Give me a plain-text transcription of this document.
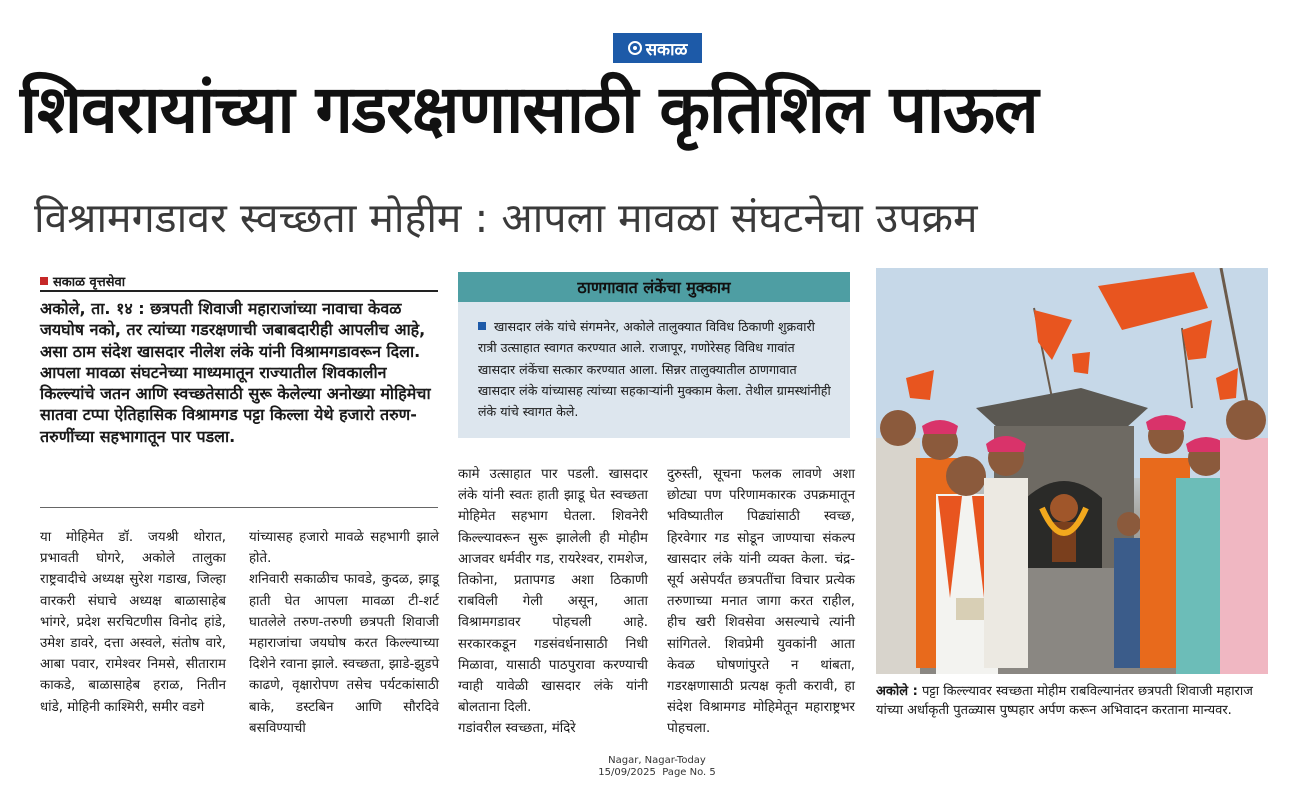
सकाळ
शिवरायांच्या गडरक्षणासाठी कृतिशिल पाऊल
विश्रामगडावर स्वच्छता मोहीम : आपला मावळा संघटनेचा उपक्रम
सकाळ वृत्तसेवा
अकोले, ता. १४ : छत्रपती शिवाजी महाराजांच्या नावाचा केवळ जयघोष नको, तर त्यांच्या गडरक्षणाची जबाबदारीही आपलीच आहे, असा ठाम संदेश खासदार नीलेश लंके यांनी विश्रामगडावरून दिला. आपला मावळा संघटनेच्या माध्यमातून राज्यातील शिवकालीन किल्ल्यांचे जतन आणि स्वच्छतेसाठी सुरू केलेल्या अनोख्या मोहिमेचा सातवा टप्पा ऐतिहासिक विश्रामगड पट्टा किल्ला येथे हजारो तरुण-तरुणींच्या सहभागातून पार पडला.
या मोहिमेत डॉ. जयश्री थोरात, प्रभावती घोगरे, अकोले तालुका राष्ट्रवादीचे अध्यक्ष सुरेश गडाख, जिल्हा वारकरी संघाचे अध्यक्ष बाळासाहेब भांगरे, प्रदेश सरचिटणीस विनोद हांडे, उमेश डावरे, दत्ता अस्वले, संतोष वारे, आबा पवार, रामेश्वर निमसे, सीताराम काकडे, बाळासाहेब हराळ, नितीन धांडे, मोहिनी काश्मिरी, समीर वडगे
यांच्यासह हजारो मावळे सहभागी झाले होते.
शनिवारी सकाळीच फावडे, कुदळ, झाडू हाती घेत आपला मावळा टी-शर्ट घातलेले तरुण-तरुणी छत्रपती शिवाजी महाराजांचा जयघोष करत किल्ल्याच्या दिशेने रवाना झाले. स्वच्छता, झाडे-झुडपे काढणे, वृक्षारोपण तसेच पर्यटकांसाठी बाके, डस्टबिन आणि सौरदिवे बसविण्याची
कामे उत्साहात पार पडली. खासदार लंके यांनी स्वतः हाती झाडू घेत स्वच्छता मोहिमेत सहभाग घेतला. शिवनेरी किल्ल्यावरून सुरू झालेली ही मोहीम आजवर धर्मवीर गड, रायरेश्वर, रामशेज, तिकोना, प्रतापगड अशा ठिकाणी राबविली गेली असून, आता विश्रामगडावर पोहचली आहे. सरकारकडून गडसंवर्धनासाठी निधी मिळावा, यासाठी पाठपुरावा करण्याची ग्वाही यावेळी खासदार लंके यांनी बोलताना दिली.
गडांवरील स्वच्छता, मंदिरे
दुरुस्ती, सूचना फलक लावणे अशा छोट्या पण परिणामकारक उपक्रमातून भविष्यातील पिढ्यांसाठी स्वच्छ, हिरवेगार गड सोडून जाण्याचा संकल्प खासदार लंके यांनी व्यक्त केला. चंद्र-सूर्य असेपर्यंत छत्रपतींचा विचार प्रत्येक तरुणाच्या मनात जागा करत राहील, हीच खरी शिवसेवा असल्याचे त्यांनी सांगितले. शिवप्रेमी युवकांनी आता केवळ घोषणांपुरते न थांबता, गडरक्षणासाठी प्रत्यक्ष कृती करावी, हा संदेश विश्रामगड मोहिमेतून महाराष्ट्रभर पोहचला.
ठाणगावात लंकेंचा मुक्काम
खासदार लंके यांचे संगमनेर, अकोले तालुक्यात विविध ठिकाणी शुक्रवारी रात्री उत्साहात स्वागत करण्यात आले. राजापूर, गणोरेसह विविध गावांत खासदार लंकेंचा सत्कार करण्यात आला. सिन्नर तालुक्यातील ठाणगावात खासदार लंके यांच्यासह त्यांच्या सहकाऱ्यांनी मुक्काम केला. तेथील ग्रामस्थांनीही लंके यांचे स्वागत केले.
अकोले : पट्टा किल्ल्यावर स्वच्छता मोहीम राबविल्यानंतर छत्रपती शिवाजी महाराज यांच्या अर्धाकृती पुतळ्यास पुष्पहार अर्पण करून अभिवादन करताना मान्यवर.
Nagar, Nagar-Today
15/09/2025  Page No. 5
